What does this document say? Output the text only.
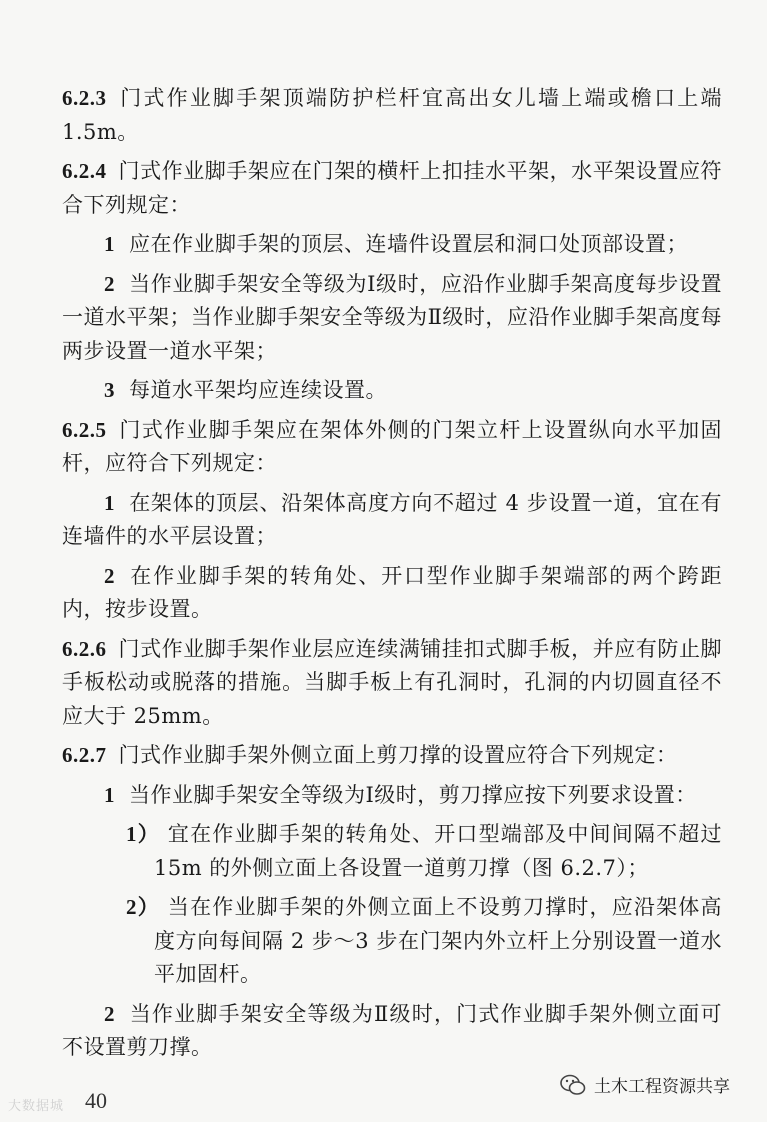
6.2.3 门式作业脚手架顶端防护栏杆宜高出女儿墙上端或檐口上端 1.5m。

6.2.4 门式作业脚手架应在门架的横杆上扣挂水平架，水平架设置应符合下列规定：

1 应在作业脚手架的顶层、连墙件设置层和洞口处顶部设置；

2 当作业脚手架安全等级为Ⅰ级时，应沿作业脚手架高度每步设置一道水平架；当作业脚手架安全等级为Ⅱ级时，应沿作业脚手架高度每两步设置一道水平架；

3 每道水平架均应连续设置。

6.2.5 门式作业脚手架应在架体外侧的门架立杆上设置纵向水平加固杆，应符合下列规定：

1 在架体的顶层、沿架体高度方向不超过 4 步设置一道，宜在有连墙件的水平层设置；

2 在作业脚手架的转角处、开口型作业脚手架端部的两个跨距内，按步设置。

6.2.6 门式作业脚手架作业层应连续满铺挂扣式脚手板，并应有防止脚手板松动或脱落的措施。当脚手板上有孔洞时，孔洞的内切圆直径不应大于 25mm。

6.2.7 门式作业脚手架外侧立面上剪刀撑的设置应符合下列规定：

1 当作业脚手架安全等级为Ⅰ级时，剪刀撑应按下列要求设置：

1） 宜在作业脚手架的转角处、开口型端部及中间间隔不超过 15m 的外侧立面上各设置一道剪刀撑（图 6.2.7）；

2） 当在作业脚手架的外侧立面上不设剪刀撑时，应沿架体高度方向每间隔 2 步～3 步在门架内外立杆上分别设置一道水平加固杆。

2 当作业脚手架安全等级为Ⅱ级时，门式作业脚手架外侧立面可不设置剪刀撑。

40
大数据城
土木工程资源共享
